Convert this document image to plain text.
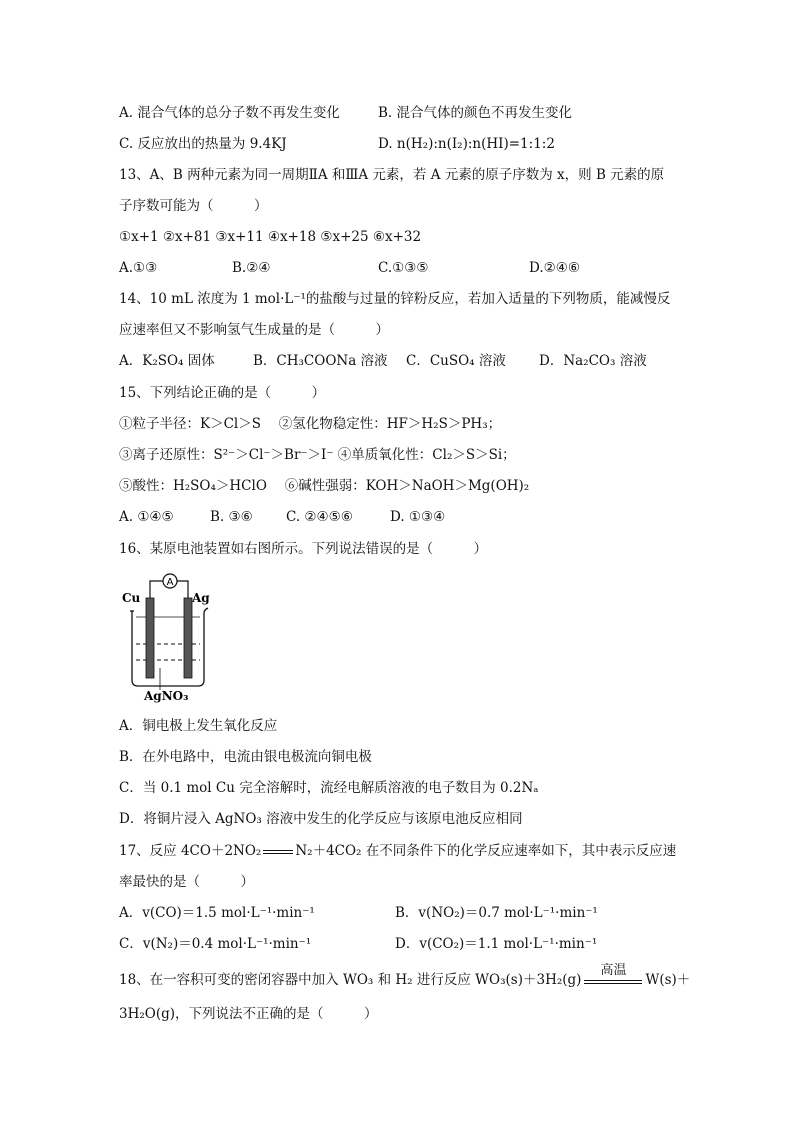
A. 混合气体的总分子数不再发生变化	B. 混合气体的颜色不再发生变化
C. 反应放出的热量为 9.4KJ	D. n(H₂):n(I₂):n(HI)=1:1:2
13、A、B 两种元素为同一周期ⅡA 和ⅢA 元素，若 A 元素的原子序数为 x，则 B 元素的原
子序数可能为（　　　）
①x+1 ②x+81 ③x+11 ④x+18 ⑤x+25 ⑥x+32
A.①③	B.②④	C.①③⑤	D.②④⑥
14、10 mL 浓度为 1 mol·L⁻¹的盐酸与过量的锌粉反应，若加入适量的下列物质，能减慢反
应速率但又不影响氢气生成量的是（　　　）
A．K₂SO₄ 固体	B．CH₃COONa 溶液 C．CuSO₄ 溶液 D．Na₂CO₃ 溶液
15、下列结论正确的是（　　　）
①粒子半径：K＞Cl＞S　 ②氢化物稳定性：HF＞H₂S＞PH₃；
③离子还原性：S²⁻＞Cl⁻＞Br⁻＞I⁻ ④单质氧化性：Cl₂＞S＞Si；
⑤酸性：H₂SO₄＞HClO　 ⑥碱性强弱：KOH＞NaOH＞Mg(OH)₂
A. ①④⑤	B. ③⑥ C. ②④⑤⑥	D. ①③④
16、某原电池装置如右图所示。下列说法错误的是（　　　）
A
Cu	Ag
AgNO₃
A．铜电极上发生氧化反应
B．在外电路中，电流由银电极流向铜电极
C．当 0.1 mol Cu 完全溶解时，流经电解质溶液的电子数目为 0.2Nₐ
D．将铜片浸入 AgNO₃ 溶液中发生的化学反应与该原电池反应相同
17、反应 4CO＋2NO₂	N₂＋4CO₂ 在不同条件下的化学反应速率如下，其中表示反应速
率最快的是（　　　）
A．v(CO)＝1.5 mol·L⁻¹·min⁻¹	B．v(NO₂)＝0.7 mol·L⁻¹·min⁻¹
C．v(N₂)＝0.4 mol·L⁻¹·min⁻¹	D．v(CO₂)＝1.1 mol·L⁻¹·min⁻¹
18、在一容积可变的密闭容器中加入 WO₃ 和 H₂ 进行反应 WO₃(s)＋3H₂(g)
高温
W(s)＋
3H₂O(g)，下列说法不正确的是（　　　）
